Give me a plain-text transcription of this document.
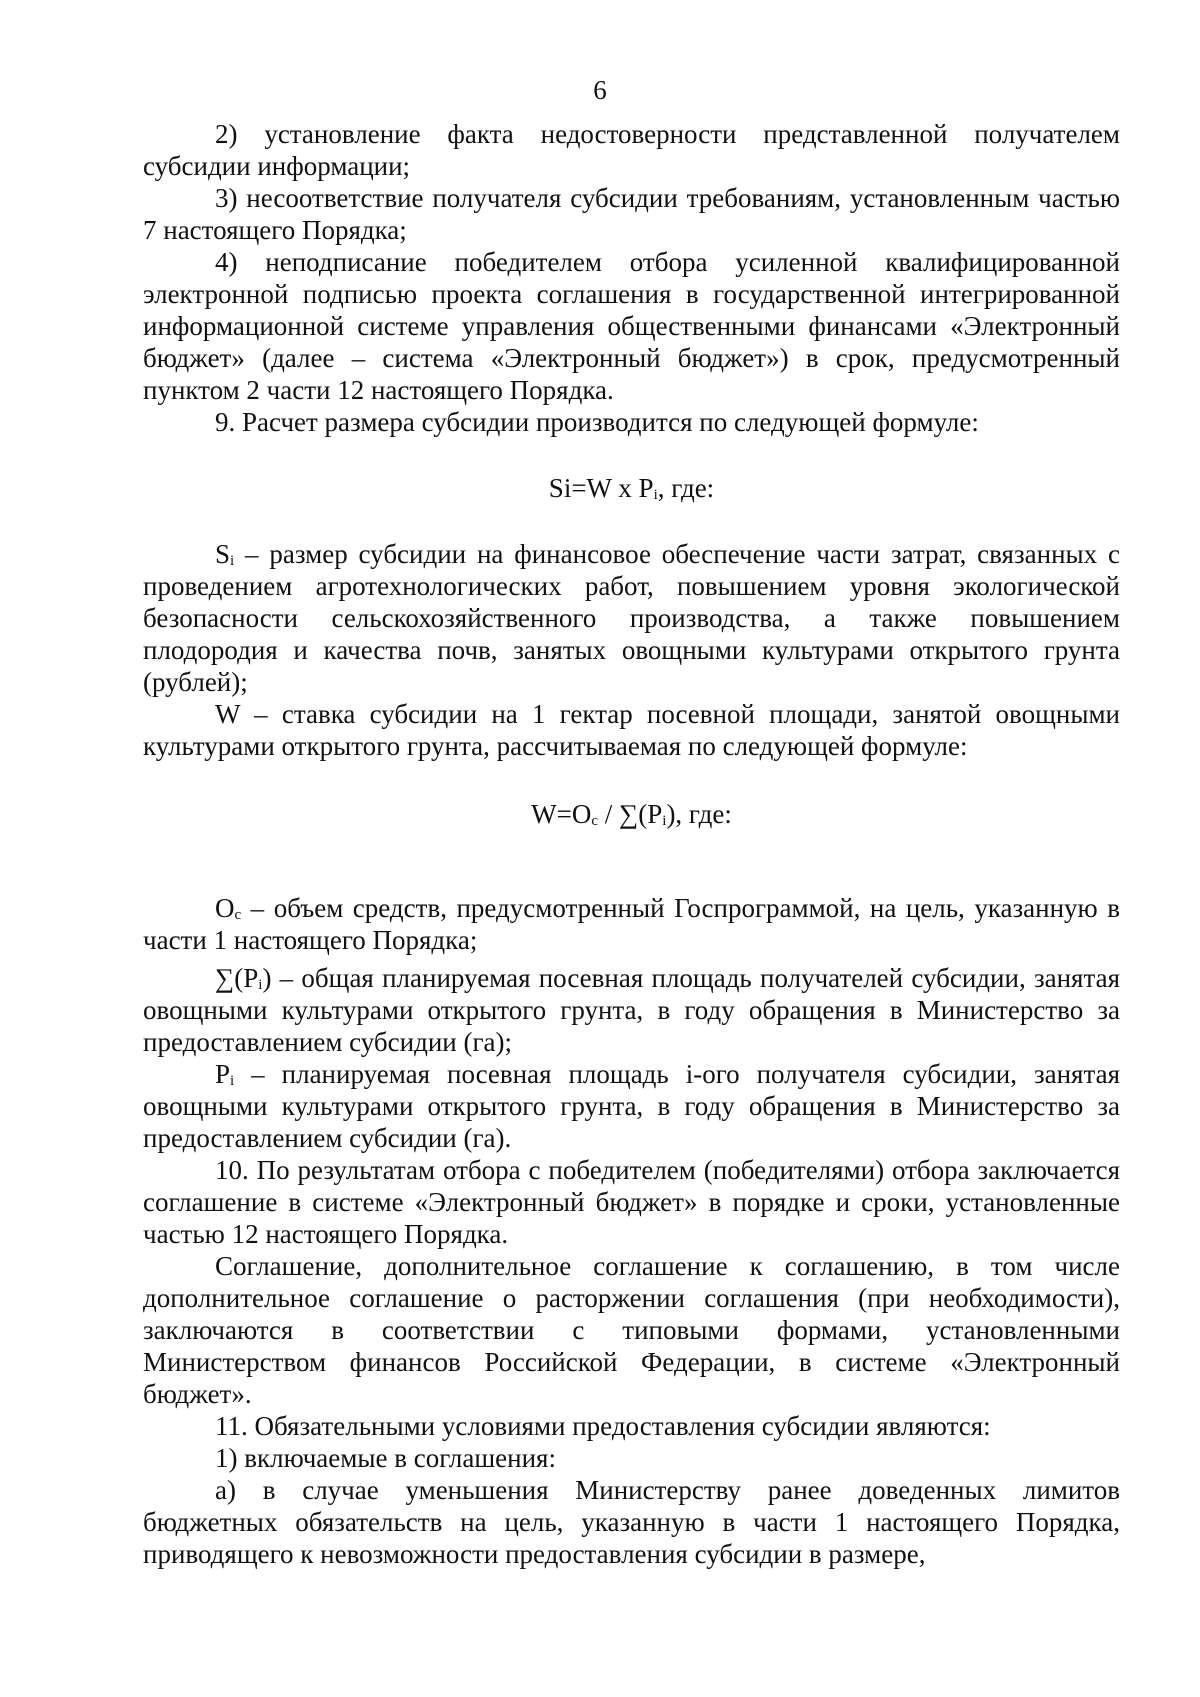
6

2) установление факта недостоверности представленной получателем субсидии информации;

3) несоответствие получателя субсидии требованиям, установленным частью 7 настоящего Порядка;

4) неподписание победителем отбора усиленной квалифицированной электронной подписью проекта соглашения в государственной интегрированной информационной системе управления общественными финансами «Электронный бюджет» (далее – система «Электронный бюджет») в срок, предусмотренный пунктом 2 части 12 настоящего Порядка.

9. Расчет размера субсидии производится по следующей формуле:

Si=W x $P_i$, где:

$S_i$ – размер субсидии на финансовое обеспечение части затрат, связанных с проведением агротехнологических работ, повышением уровня экологической безопасности сельскохозяйственного производства, а также повышением плодородия и качества почв, занятых овощными культурами открытого грунта (рублей);

W – ставка субсидии на 1 гектар посевной площади, занятой овощными культурами открытого грунта, рассчитываемая по следующей формуле:

$W=O_c / \sum(P_i)$, где:

$O_c$ – объем средств, предусмотренный Госпрограммой, на цель, указанную в части 1 настоящего Порядка;

$\sum(P_i)$ – общая планируемая посевная площадь получателей субсидии, занятая овощными культурами открытого грунта, в году обращения в Министерство за предоставлением субсидии (га);

$P_i$ – планируемая посевная площадь i-ого получателя субсидии, занятая овощными культурами открытого грунта, в году обращения в Министерство за предоставлением субсидии (га).

10. По результатам отбора с победителем (победителями) отбора заключается соглашение в системе «Электронный бюджет» в порядке и сроки, установленные частью 12 настоящего Порядка.

Соглашение, дополнительное соглашение к соглашению, в том числе дополнительное соглашение о расторжении соглашения (при необходимости), заключаются в соответствии с типовыми формами, установленными Министерством финансов Российской Федерации, в системе «Электронный бюджет».

11. Обязательными условиями предоставления субсидии являются:

1) включаемые в соглашения:

а) в случае уменьшения Министерству ранее доведенных лимитов бюджетных обязательств на цель, указанную в части 1 настоящего Порядка, приводящего к невозможности предоставления субсидии в размере,
